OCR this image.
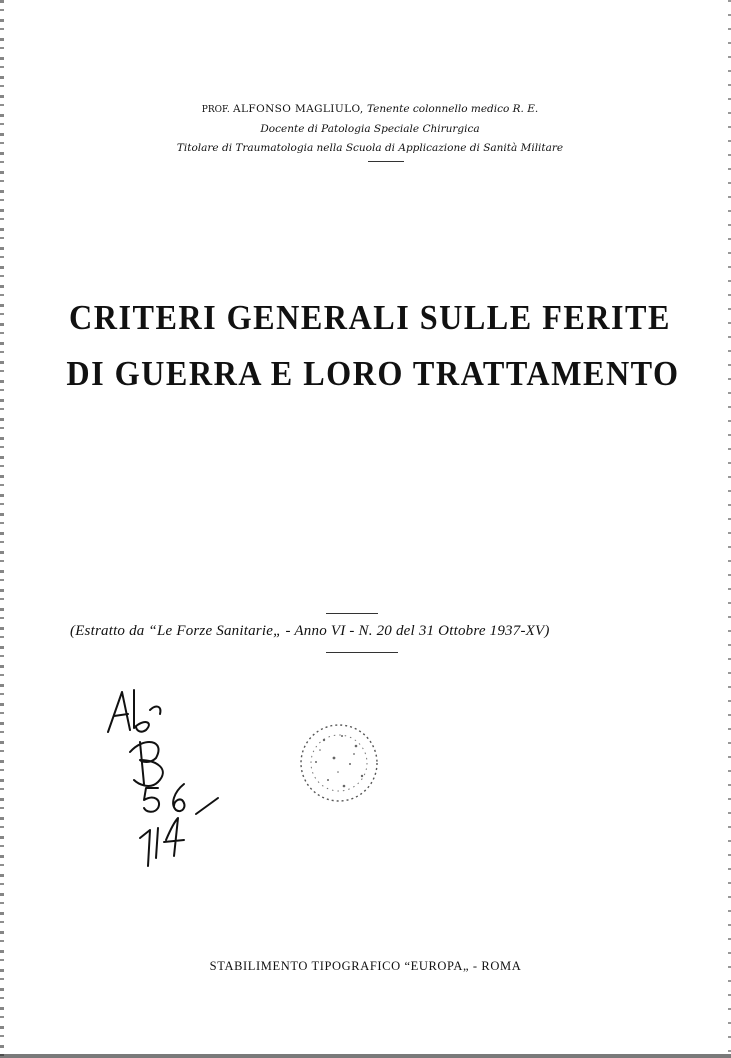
PROF. ALFONSO MAGLIULO, Tenente colonnello medico R. E.
Docente di Patologia Speciale Chirurgica
Titolare di Traumatologia nella Scuola di Applicazione di Sanità Militare
CRITERI GENERALI SULLE FERITE
DI GUERRA E LORO TRATTAMENTO
(Estratto da “Le Forze Sanitarie„ - Anno VI - N. 20 del 31 Ottobre 1937-XV)
STABILIMENTO TIPOGRAFICO “EUROPA„ - ROMA
